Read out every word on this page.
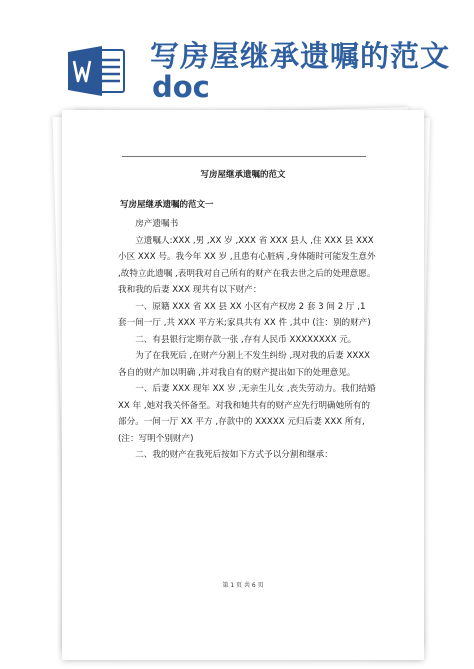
写房屋继承遗嘱的范文
doc
写房屋继承遗嘱的范文
写房屋继承遗嘱的范文一

　　房产遗嘱书

　　立遗嘱人:XXX ,男 ,XX 岁 ,XXX 省 XXX 县人 ,住 XXX 县 XXX 小区 XXX 号。我今年 XX 岁 ,且患有心脏病 ,身体随时可能发生意外 ,故特立此遗嘱 ,表明我对自己所有的财产在我去世之后的处理意愿。我和我的后妻 XXX 现共有以下财产：

　　一、原籍 XXX 省 XX 县 XX 小区有产权房 2 套 3 间 2 厅 ,1 套一间一厅 ,共 XXX 平方米;家具共有 XX 件 ,其中 (注：别的财产)

　　二、有县银行定期存款一张 ,存有人民币 XXXXXXXX 元。

　　为了在我死后 ,在财产分割上不发生纠纷 ,现对我的后妻 XXXX 各自的财产加以明确 ,并对我自有的财产提出如下的处理意见。

　　一、后妻 XXX 现年 XX 岁 ,无亲生儿女 ,丧失劳动力。我们结婚 XX 年 ,她对我关怀备至。对我和她共有的财产应先行明确她所有的部分。一间一厅 XX 平方 ,存款中的 XXXXX 元归后妻 XXX 所有, (注：写明个别财产)

　　二、我的财产在我死后按如下方式予以分割和继承：

第 1 页 共 6 页
